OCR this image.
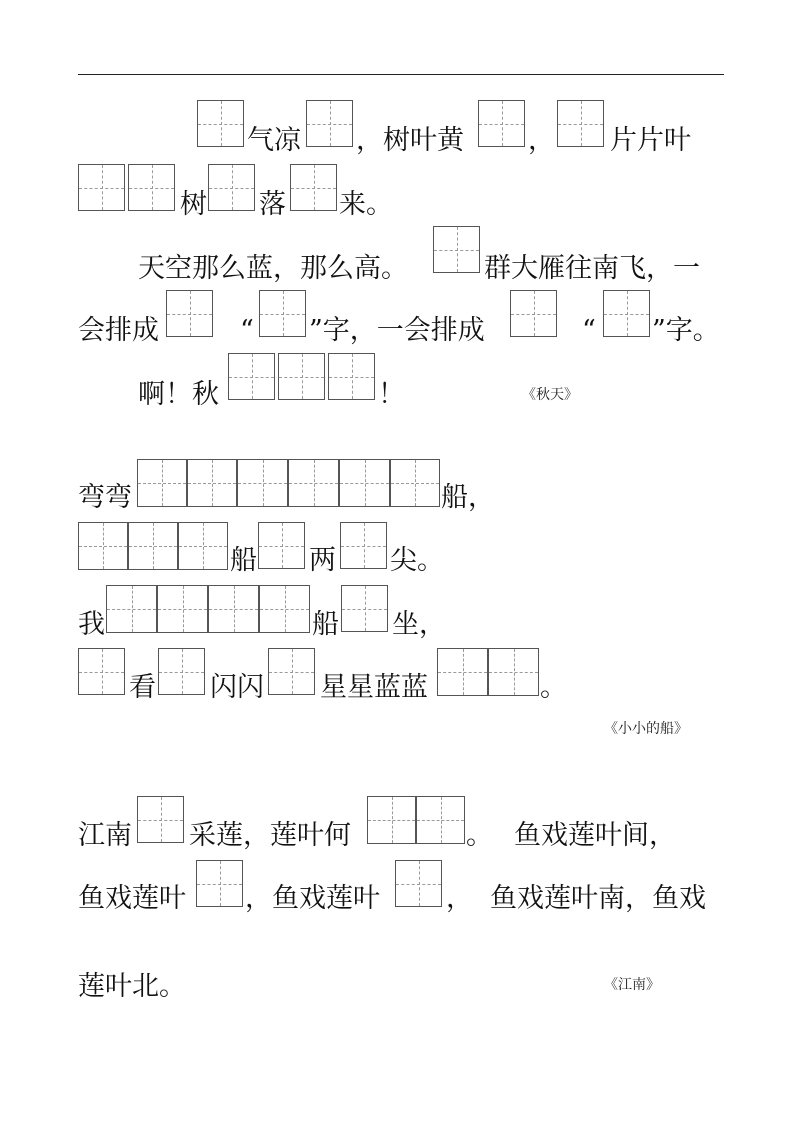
气凉 ，树叶黄 ， 片片叶
树 落 来。
天空那么蓝，那么高。	群大雁往南飞，一
会排成	“ ”字，一会排成	“ ”字。
啊！秋	！	《秋天》
弯弯	船，
船 两 尖。
我	船 坐，
看 闪闪 星星蓝蓝	。
《小小的船》
江南 采莲，莲叶何	。 鱼戏莲叶间，
鱼戏莲叶 ，鱼戏莲叶 ， 鱼戏莲叶南，鱼戏
莲叶北。	《江南》
